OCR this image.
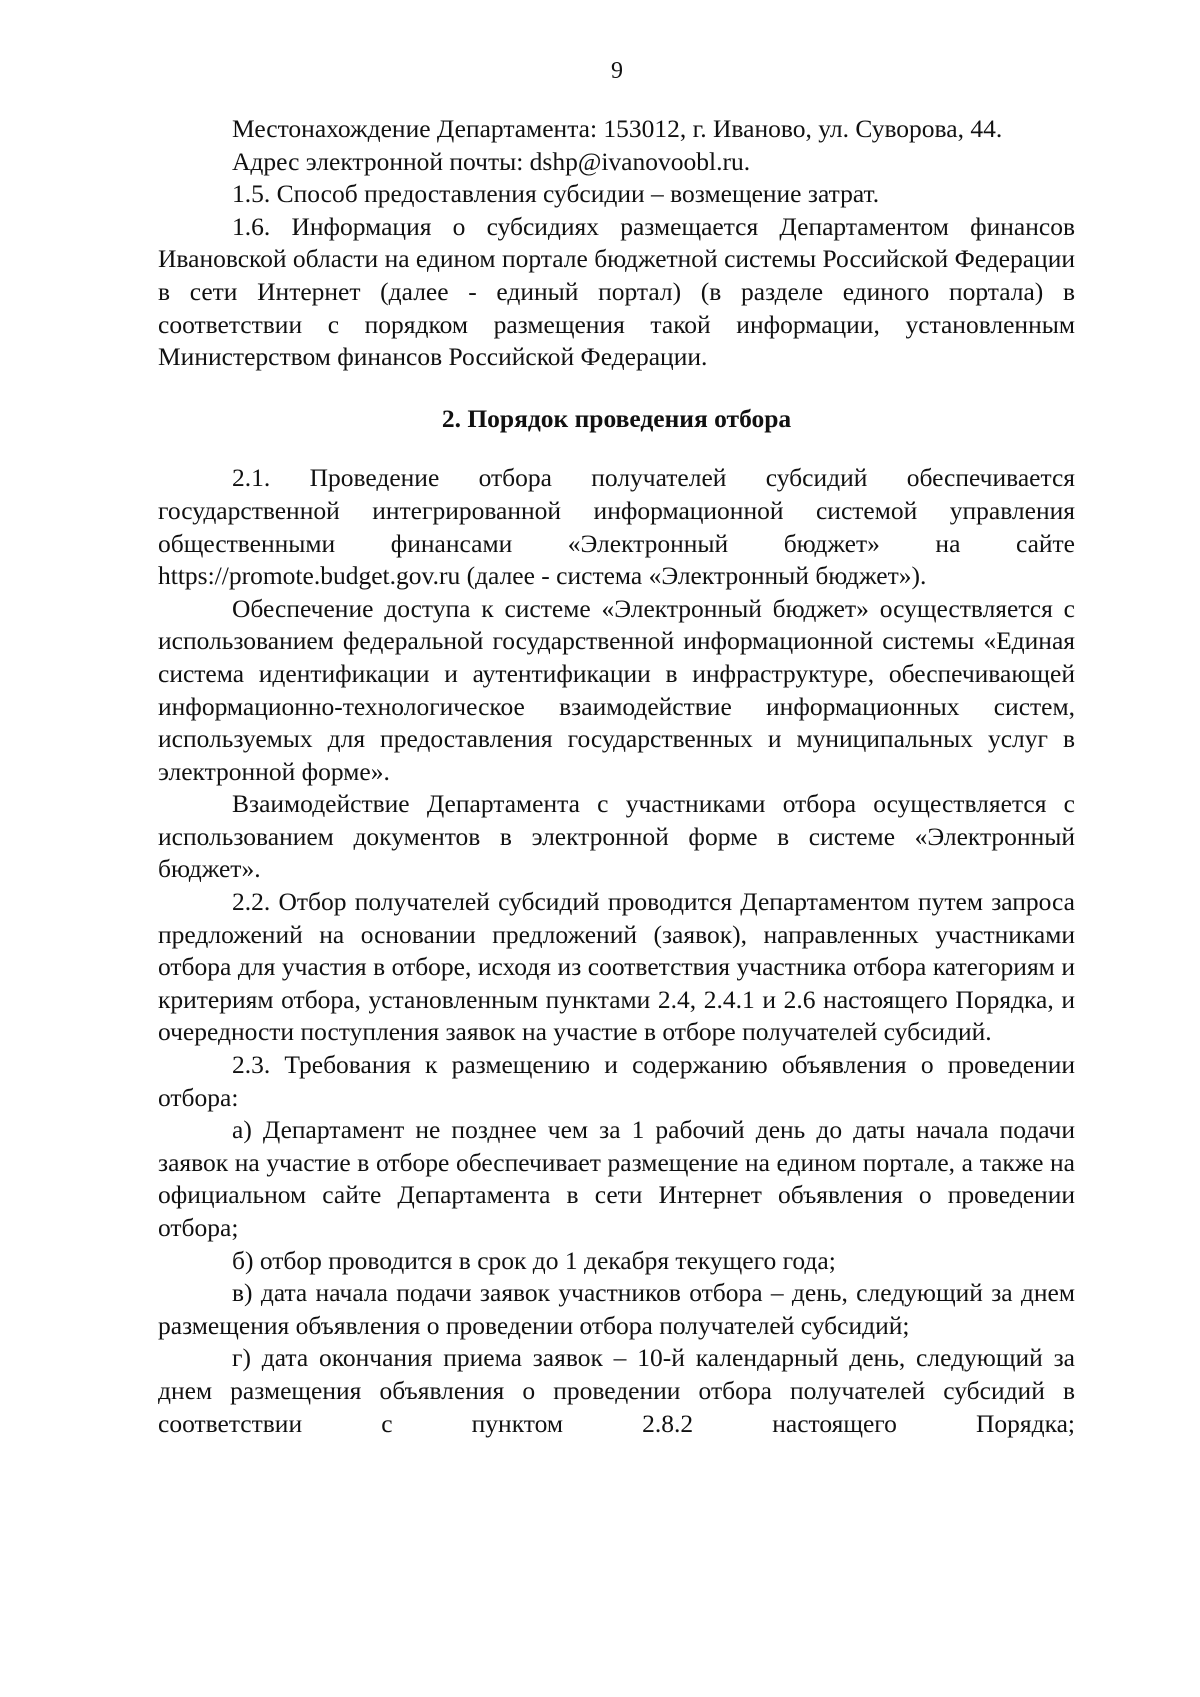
9

Местонахождение Департамента: 153012, г. Иваново, ул. Суворова, 44.

Адрес электронной почты: dshp@ivanovoobl.ru.

1.5. Способ предоставления субсидии – возмещение затрат.

1.6. Информация о субсидиях размещается Департаментом финансов Ивановской области на едином портале бюджетной системы Российской Федерации в сети Интернет (далее - единый портал) (в разделе единого портала) в соответствии с порядком размещения такой информации, установленным Министерством финансов Российской Федерации.

2. Порядок проведения отбора

2.1. Проведение отбора получателей субсидий обеспечивается государственной интегрированной информационной системой управления общественными финансами «Электронный бюджет» на сайте https://promote.budget.gov.ru (далее - система «Электронный бюджет»).

Обеспечение доступа к системе «Электронный бюджет» осуществляется с использованием федеральной государственной информационной системы «Единая система идентификации и аутентификации в инфраструктуре, обеспечивающей информационно-технологическое взаимодействие информационных систем, используемых для предоставления государственных и муниципальных услуг в электронной форме».

Взаимодействие Департамента с участниками отбора осуществляется с использованием документов в электронной форме в системе «Электронный бюджет».

2.2. Отбор получателей субсидий проводится Департаментом путем запроса предложений на основании предложений (заявок), направленных участниками отбора для участия в отборе, исходя из соответствия участника отбора категориям и критериям отбора, установленным пунктами 2.4, 2.4.1 и 2.6 настоящего Порядка, и очередности поступления заявок на участие в отборе получателей субсидий.

2.3. Требования к размещению и содержанию объявления о проведении отбора:

а) Департамент не позднее чем за 1 рабочий день до даты начала подачи заявок на участие в отборе обеспечивает размещение на едином портале, а также на официальном сайте Департамента в сети Интернет объявления о проведении отбора;

б) отбор проводится в срок до 1 декабря текущего года;

в) дата начала подачи заявок участников отбора – день, следующий за днем размещения объявления о проведении отбора получателей субсидий;

г) дата окончания приема заявок – 10-й календарный день, следующий за днем размещения объявления о проведении отбора получателей субсидий в соответствии с пунктом 2.8.2 настоящего Порядка;
